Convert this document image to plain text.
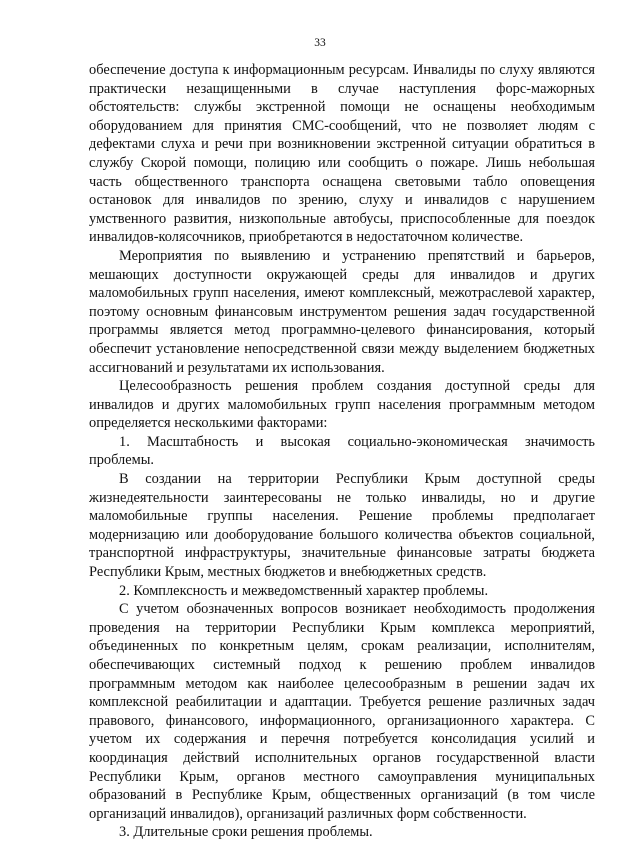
33

обеспечение доступа к информационным ресурсам. Инвалиды по слуху являются практически незащищенными в случае наступления форс-мажорных обстоятельств: службы экстренной помощи не оснащены необходимым оборудованием для принятия СМС-сообщений, что не позволяет людям с дефектами слуха и речи при возникновении экстренной ситуации обратиться в службу Скорой помощи, полицию или сообщить о пожаре. Лишь небольшая часть общественного транспорта оснащена световыми табло оповещения остановок для инвалидов по зрению, слуху и инвалидов с нарушением умственного развития, низкопольные автобусы, приспособленные для поездок инвалидов-колясочников, приобретаются в недостаточном количестве.

Мероприятия по выявлению и устранению препятствий и барьеров, мешающих доступности окружающей среды для инвалидов и других маломобильных групп населения, имеют комплексный, межотраслевой характер, поэтому основным финансовым инструментом решения задач государственной программы является метод программно-целевого финансирования, который обеспечит установление непосредственной связи между выделением бюджетных ассигнований и результатами их использования.

Целесообразность решения проблем создания доступной среды для инвалидов и других маломобильных групп населения программным методом определяется несколькими факторами:

1. Масштабность и высокая социально-экономическая значимость проблемы.

В создании на территории Республики Крым доступной среды жизнедеятельности заинтересованы не только инвалиды, но и другие маломобильные группы населения. Решение проблемы предполагает модернизацию или дооборудование большого количества объектов социальной, транспортной инфраструктуры, значительные финансовые затраты бюджета Республики Крым, местных бюджетов и внебюджетных средств.

2. Комплексность и межведомственный характер проблемы.

С учетом обозначенных вопросов возникает необходимость продолжения проведения на территории Республики Крым комплекса мероприятий, объединенных по конкретным целям, срокам реализации, исполнителям, обеспечивающих системный подход к решению проблем инвалидов программным методом как наиболее целесообразным в решении задач их комплексной реабилитации и адаптации. Требуется решение различных задач правового, финансового, информационного, организационного характера. С учетом их содержания и перечня потребуется консолидация усилий и координация действий исполнительных органов государственной власти Республики Крым, органов местного самоуправления муниципальных образований в Республике Крым, общественных организаций (в том числе организаций инвалидов), организаций различных форм собственности.

3. Длительные сроки решения проблемы.
